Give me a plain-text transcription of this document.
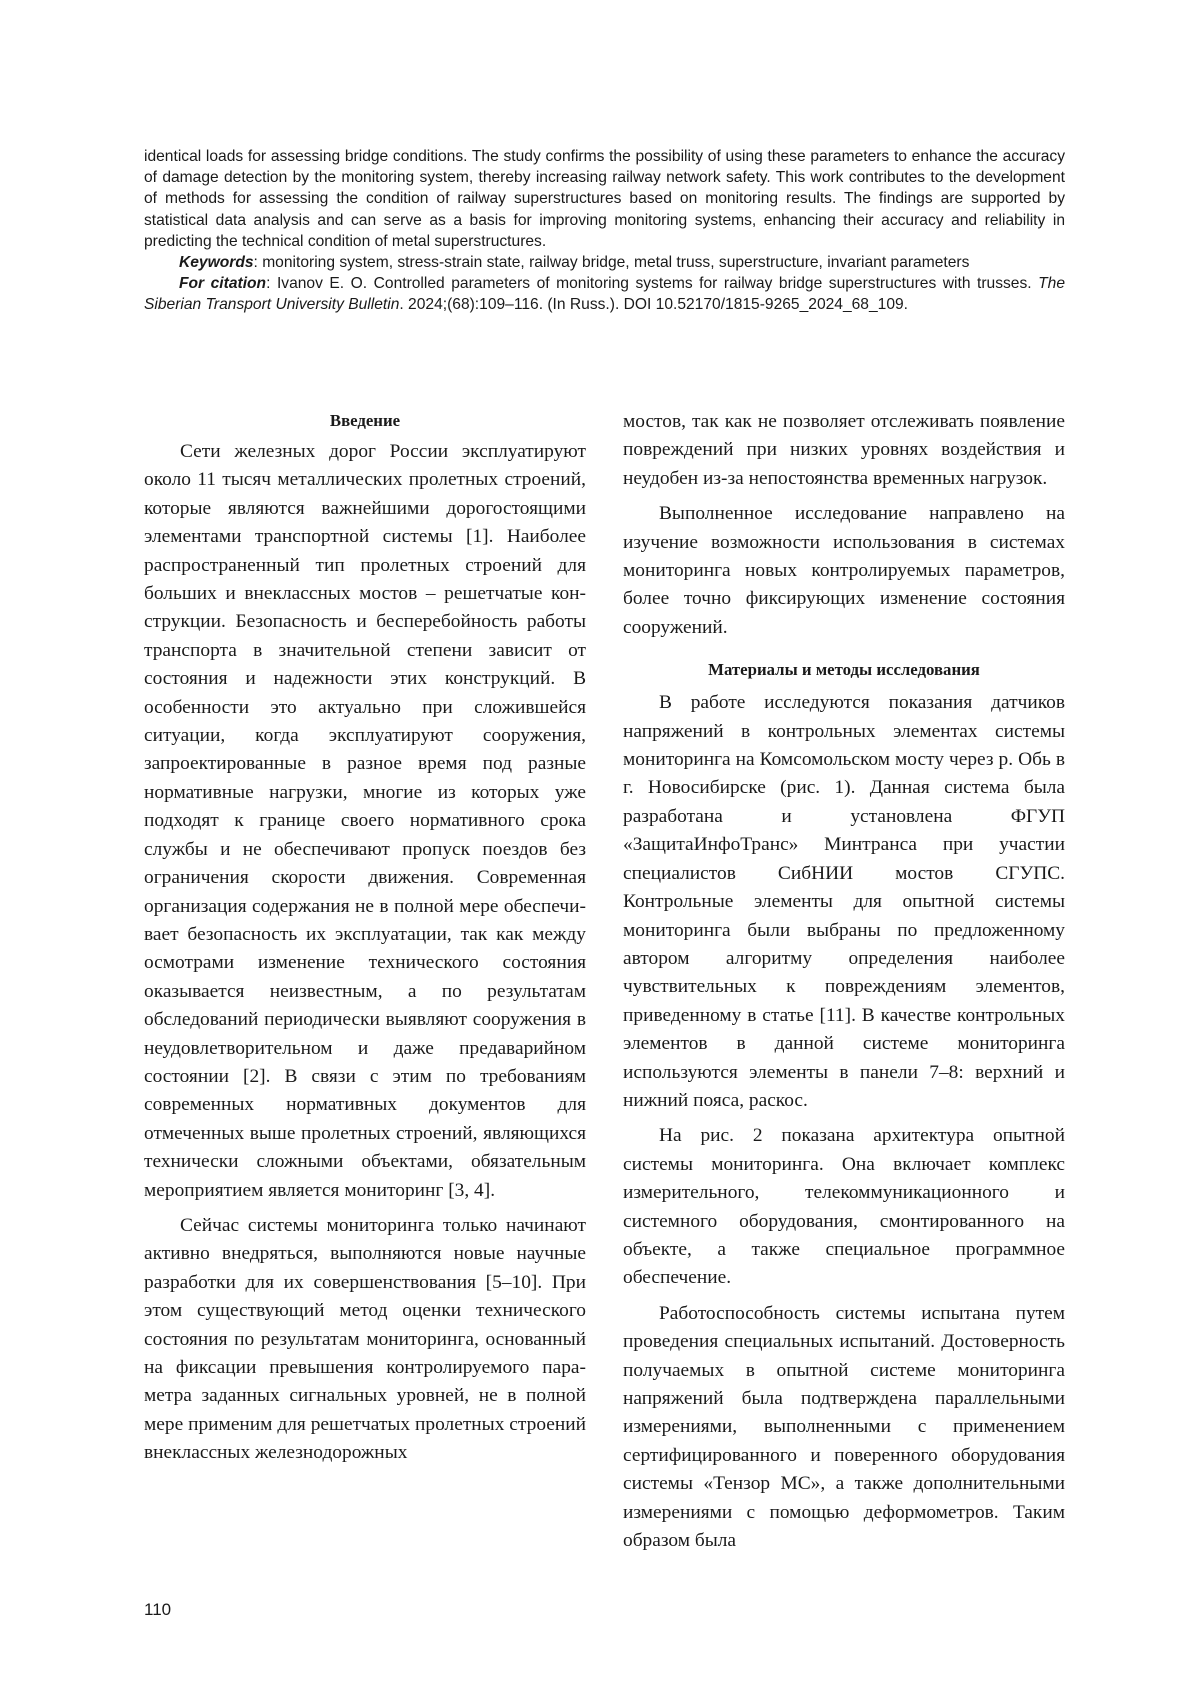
identical loads for assessing bridge conditions. The study confirms the possibility of using these parameters to enhance the accuracy of damage detection by the monitoring system, thereby increasing railway network safety. This work contributes to the development of methods for assessing the condition of railway superstructures based on monitoring results. The findings are supported by statistical data analysis and can serve as a basis for improving monitoring systems, enhancing their accuracy and reliability in predicting the technical condition of metal superstructures.

Keywords: monitoring system, stress-strain state, railway bridge, metal truss, superstructure, invariant parameters

For citation: Ivanov E. O. Controlled parameters of monitoring systems for railway bridge superstructures with trusses. The Siberian Transport University Bulletin. 2024;(68):109–116. (In Russ.). DOI 10.52170/1815-9265_2024_68_109.

Введение

Сети железных дорог России эксплуатируют около 11 тысяч металлических пролетных строений, которые являются важнейшими дорогостоящими элементами транспортной системы [1]. Наиболее распространенный тип пролетных строений для больших и внеклассных мостов – решетчатые конструкции. Безопасность и бесперебойность работы транспорта в значительной степени зависит от состояния и надежности этих конструкций. В особенности это актуально при сложившейся ситуации, когда эксплуатируют сооружения, запроектированные в разное время под разные нормативные нагрузки, многие из которых уже подходят к границе своего нормативного срока службы и не обеспечивают пропуск поездов без ограничения скорости движения. Современная организация содержания не в полной мере обеспечивает безопасность их эксплуатации, так как между осмотрами изменение технического состояния оказывается неизвестным, а по результатам обследований периодически выявляют сооружения в неудовлетворительном и даже предаварийном состоянии [2]. В связи с этим по требованиям современных нормативных документов для отмеченных выше пролетных строений, являющихся технически сложными объектами, обязательным мероприятием является мониторинг [3, 4].

Сейчас системы мониторинга только начинают активно внедряться, выполняются новые научные разработки для их совершенствования [5–10]. При этом существующий метод оценки технического состояния по результатам мониторинга, основанный на фиксации превышения контролируемого параметра заданных сигнальных уровней, не в полной мере применим для решетчатых пролетных строений внеклассных железнодорожных

мостов, так как не позволяет отслеживать появление повреждений при низких уровнях воздействия и неудобен из-за непостоянства временных нагрузок.

Выполненное исследование направлено на изучение возможности использования в системах мониторинга новых контролируемых параметров, более точно фиксирующих изменение состояния сооружений.

Материалы и методы исследования

В работе исследуются показания датчиков напряжений в контрольных элементах системы мониторинга на Комсомольском мосту через р. Обь в г. Новосибирске (рис. 1). Данная система была разработана и установлена ФГУП «ЗащитаИнфоТранс» Минтранса при участии специалистов СибНИИ мостов СГУПС. Контрольные элементы для опытной системы мониторинга были выбраны по предложенному автором алгоритму определения наиболее чувствительных к повреждениям элементов, приведенному в статье [11]. В качестве контрольных элементов в данной системе мониторинга используются элементы в панели 7–8: верхний и нижний пояса, раскос.

На рис. 2 показана архитектура опытной системы мониторинга. Она включает комплекс измерительного, телекоммуникационного и системного оборудования, смонтированного на объекте, а также специальное программное обеспечение.

Работоспособность системы испытана путем проведения специальных испытаний. Достоверность получаемых в опытной системе мониторинга напряжений была подтверждена параллельными измерениями, выполненными с применением сертифицированного и поверенного оборудования системы «Тензор МС», а также дополнительными измерениями с помощью деформометров. Таким образом была

110
